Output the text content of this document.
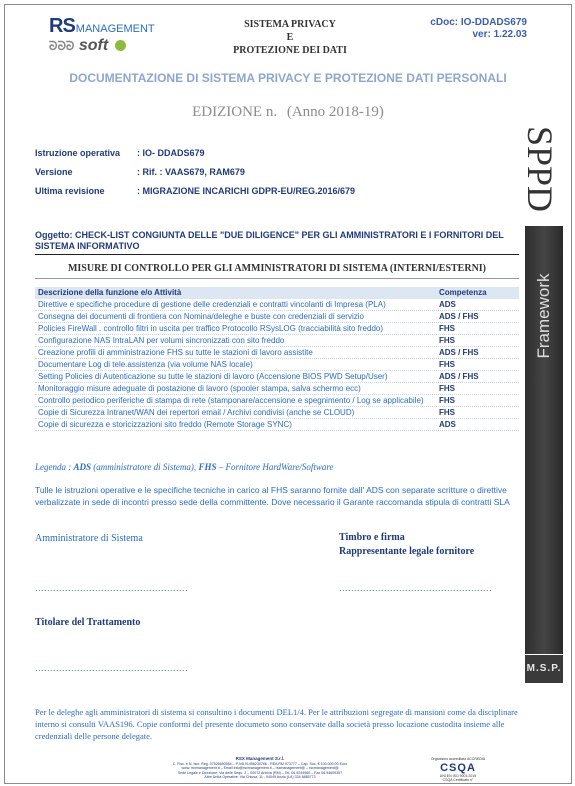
RSMANAGEMENT
ᘐᘐᘐ soft
SISTEMA PRIVACY
E
PROTEZIONE DEI DATI
cDoc: IO-DDADS679
ver: 1.22.03
DOCUMENTAZIONE DI SISTEMA PRIVACY E PROTEZIONE DATI PERSONALI
EDIZIONE n. (Anno 2018-19)
SPPD
Framework
M.S.P.
Istruzione operativa : IO- DDADS679
Versione	: Rif. : VAAS679, RAM679
Ultima revisione	: MIGRAZIONE INCARICHI GDPR-EU/REG.2016/679
Oggetto: CHECK-LIST CONGIUNTA DELLE "DUE DILIGENCE" PER GLI AMMINISTRATORI E I FORNITORI DEL SISTEMA INFORMATIVO
MISURE DI CONTROLLO PER GLI AMMINISTRATORI DI SISTEMA (INTERNI/ESTERNI)
Descrizione della funzione e/o Attività	Competenza
Direttive e specifiche procedure di gestione delle credenziali e contratti vincolanti di Impresa (PLA)	ADS
Consegna dei documenti di frontiera con Nomina/deleghe e buste con credenziali di servizio	ADS / FHS
Policies FireWall . controllo filtri in uscita per traffico Protocollo RSysLOG (tracciabilità sito freddo)	FHS
Configurazione NAS IntraLAN per volumi sincronizzati con sito freddo	FHS
Creazione profili di amministrazione FHS su tutte le stazioni di lavoro assistite	ADS / FHS
Documentare Log di tele.assistenza (via volume NAS locale)	FHS
Setting Policies di Autenticazione su tutte le stazioni di lavoro (Accensione BIOS PWD Setup/User)	ADS / FHS
Monitoraggio misure adeguate di postazione di lavoro (spooler stampa, salva schermo ecc)	FHS
Controllo periodico periferiche di stampa di rete (stamponare/accensione e spegnimento / Log se applicabile)	FHS
Copie di Sicurezza Intranet/WAN dei repertori email / Archivi condivisi (anche se CLOUD)	FHS
Copie di sicurezza e storicizzazioni sito freddo (Remote Storage SYNC)	ADS
Legenda : ADS (amministratore di Sistema), FHS – Fornitore HardWare/Software
Tulle le istruzioni operative e le specifiche tecniche in carico al FHS saranno fornite dall' ADS con separate scritture o direttive verbalizzate in sede di incontri presso sede della committente. Dove necessario il Garante raccomanda stipula di contratti SLA
Amministratore di Sistema	Timbro e firma
Rappresentante legale fornitore
...................................................	...................................................
Titolare del Trattamento
...................................................
Per le deleghe agli amministratori di sistema si consultino i documenti DEL1/4. Per le attribuzioni segregate di mansioni come da disciplinare interno si consulti VAAS196. Copie conformi del presente documeto sono conservate dalla società presso locazione custodita insieme alle credenziali delle persone delegate.
RSX Management S.r.l.
C. Fisc. e N. Iscr. Reg. 07526650584 – P.IVA 01456230766 - REA RM 973777 – Cap. Soc. € 100.000,00 Euro
www. rsxmanagement.it – Email info@rsxmanagement.it – rsxmanagement@ – rsxmanagement@
Sede Legale e Direzione: Via delle Sequ. 2 – 00072 Ariccia (RM) – Tel. 06.9244960 – Fax 06.94609357
Altre Unità Operative: Via Chiusa, 11 - 04049 Anzio (LA) 334 8885773
Organismo accreditato ACCREDIA
CSQA
UNI EN ISO 9001:2015
CSQA Certificato n°
